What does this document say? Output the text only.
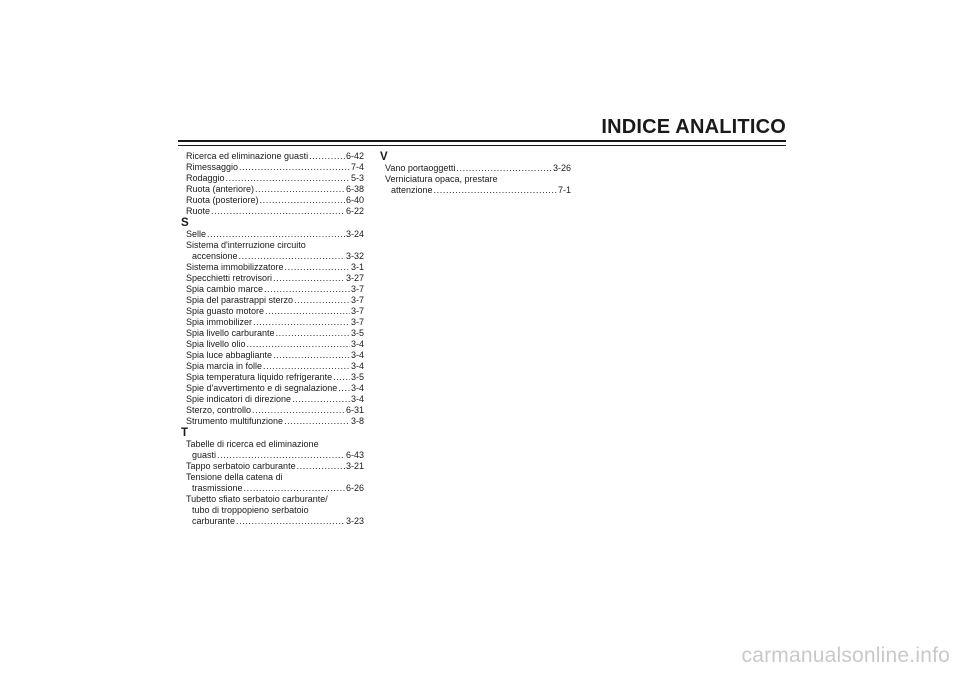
INDICE ANALITICO
Ricerca ed eliminazione guasti .....	6-42
Rimessaggio .....	7-4
Rodaggio .....	5-3
Ruota (anteriore) .....	6-38
Ruota (posteriore) .....	6-40
Ruote .....	6-22
S
Selle .....	3-24
Sistema d'interruzione circuito
accensione .....	3-32
Sistema immobilizzatore .....	3-1
Specchietti retrovisori .....	3-27
Spia cambio marce .....	3-7
Spia del parastrappi sterzo .....	3-7
Spia guasto motore .....	3-7
Spia immobilizer .....	3-7
Spia livello carburante .....	3-5
Spia livello olio .....	3-4
Spia luce abbagliante .....	3-4
Spia marcia in folle .....	3-4
Spia temperatura liquido refrigerante ..... 3-5
Spie d'avvertimento e di segnalazione ..... 3-4
Spie indicatori di direzione .....	3-4
Sterzo, controllo .....	6-31
Strumento multifunzione .....	3-8
T
Tabelle di ricerca ed eliminazione
guasti .....	6-43
Tappo serbatoio carburante .....	3-21
Tensione della catena di
trasmissione .....	6-26
Tubetto sfiato serbatoio carburante/
tubo di troppopieno serbatoio
carburante .....	3-23
V
Vano portaoggetti .....	3-26
Verniciatura opaca, prestare
attenzione .....	7-1
carmanualsonline.info
